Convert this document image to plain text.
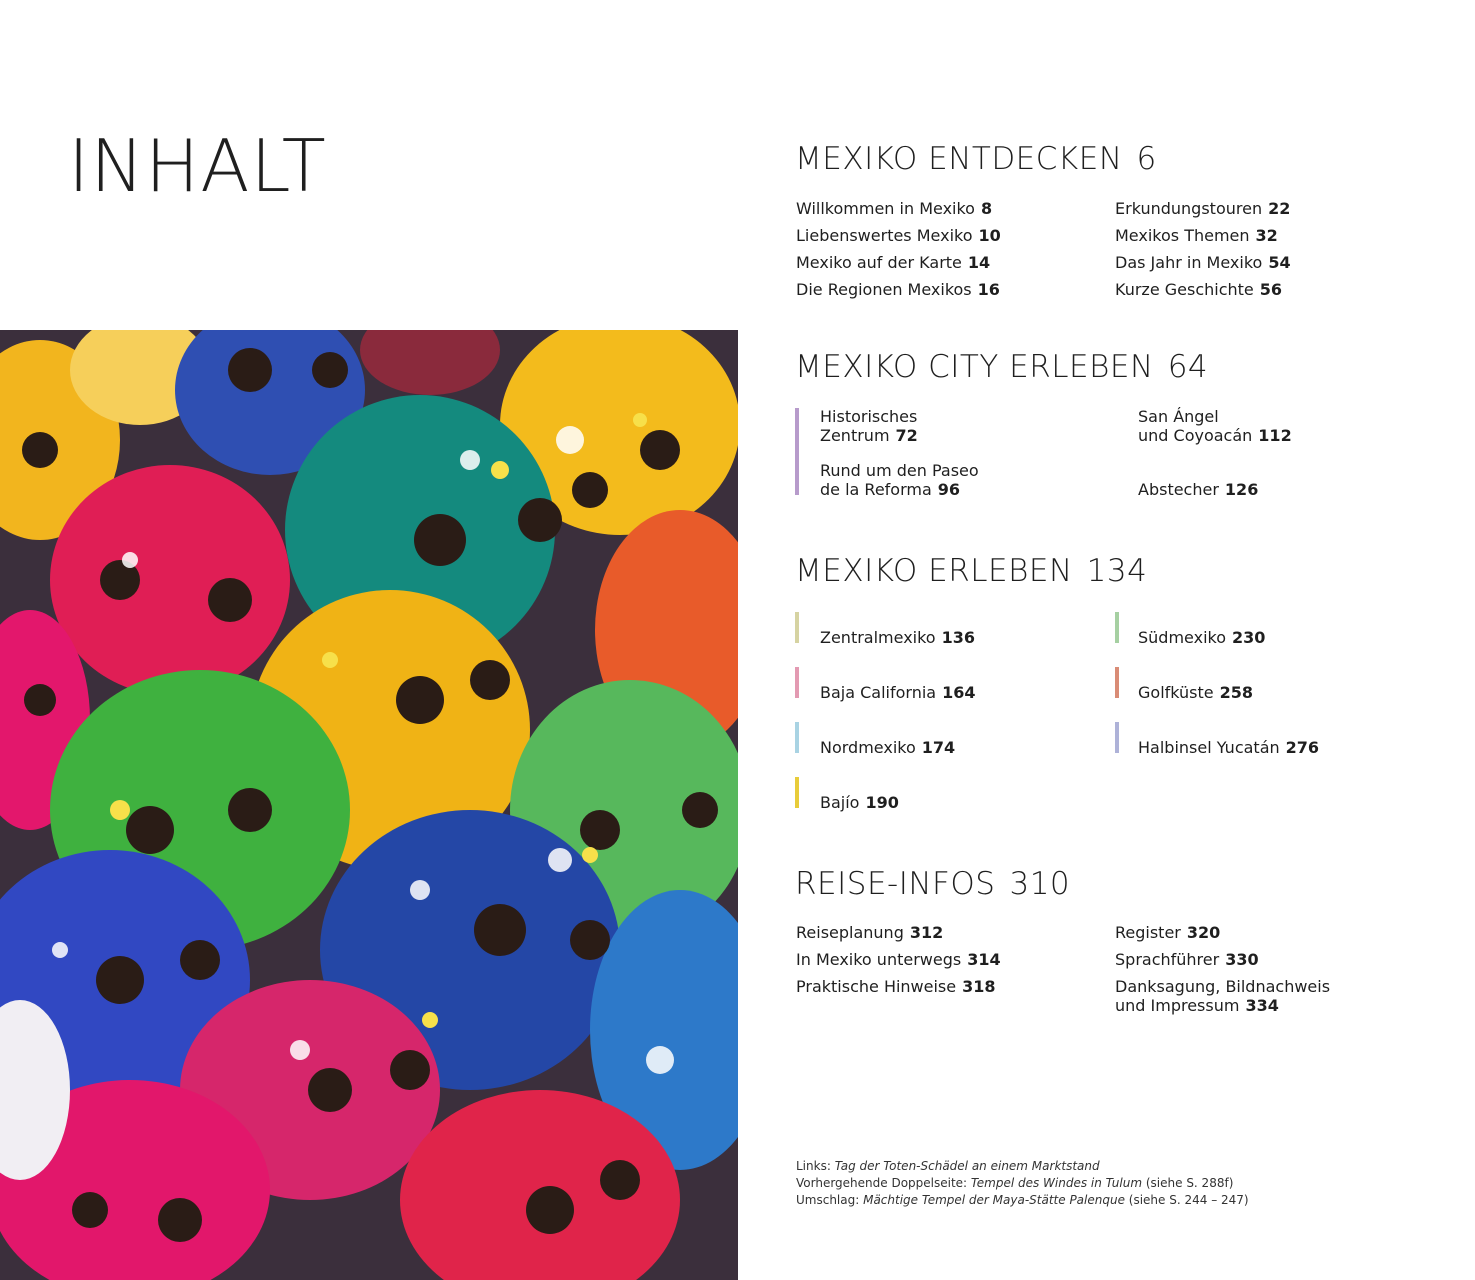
INHALT	MEXIKO ENTDECKEN 6
Willkommen in Mexiko 8
Liebenswertes Mexiko 10
Mexiko auf der Karte 14
Die Regionen Mexikos 16
Erkundungstouren 22
Mexikos Themen 32
Das Jahr in Mexiko 54
Kurze Geschichte 56
MEXIKO CITY ERLEBEN 64
Historisches
Zentrum 72
Rund um den Paseo
de la Reforma 96
San Ángel
und Coyoacán 112
Abstecher 126
MEXIKO ERLEBEN 134
Zentralmexiko 136
Baja California 164
Nordmexiko 174
Bajío 190
Südmexiko 230
Golfküste 258
Halbinsel Yucatán 276
REISE-INFOS 310
Reiseplanung 312
In Mexiko unterwegs 314
Praktische Hinweise 318
Register 320
Sprachführer 330
Danksagung, Bildnachweis
und Impressum 334
Links: Tag der Toten-Schädel an einem Marktstand
Vorhergehende Doppelseite: Tempel des Windes in Tulum (siehe S. 288f)
Umschlag: Mächtige Tempel der Maya-Stätte Palenque (siehe S. 244 – 247)
